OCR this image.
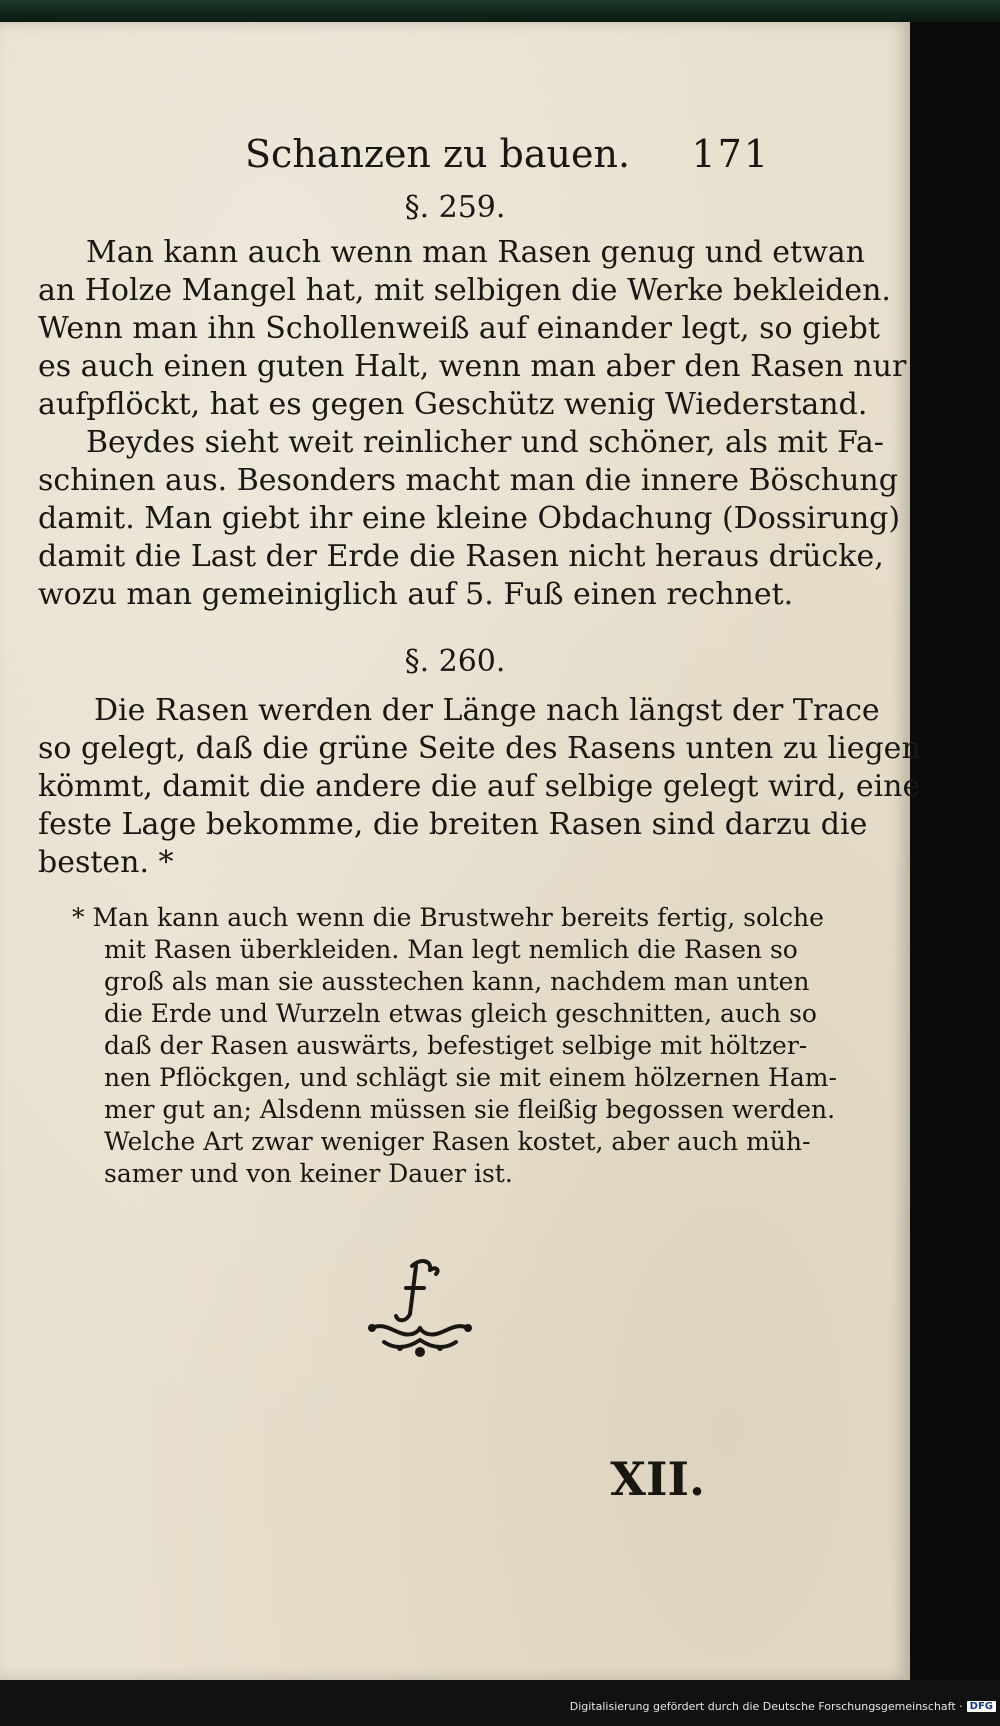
Schanzen zu bauen. 171
§. 259.
Man kann auch wenn man Rasen genug und etwan
an Holze Mangel hat, mit selbigen die Werke bekleiden.
Wenn man ihn Schollenweiß auf einander legt, so giebt
es auch einen guten Halt, wenn man aber den Rasen nur
aufpflöckt, hat es gegen Geschütz wenig Wiederstand.
Beydes sieht weit reinlicher und schöner, als mit Fa-
schinen aus. Besonders macht man die innere Böschung
damit. Man giebt ihr eine kleine Obdachung (Dossirung)
damit die Last der Erde die Rasen nicht heraus drücke,
wozu man gemeiniglich auf 5. Fuß einen rechnet.
§. 260.
Die Rasen werden der Länge nach längst der Trace
so gelegt, daß die grüne Seite des Rasens unten zu liegen
kömmt, damit die andere die auf selbige gelegt wird, eine
feste Lage bekomme, die breiten Rasen sind darzu die
besten. *
* Man kann auch wenn die Brustwehr bereits fertig, solche
mit Rasen überkleiden. Man legt nemlich die Rasen so
groß als man sie ausstechen kann, nachdem man unten
die Erde und Wurzeln etwas gleich geschnitten, auch so
daß der Rasen auswärts, befestiget selbige mit höltzer-
nen Pflöckgen, und schlägt sie mit einem hölzernen Ham-
mer gut an; Alsdenn müssen sie fleißig begossen werden.
Welche Art zwar weniger Rasen kostet, aber auch müh-
samer und von keiner Dauer ist.
XII.
Digitalisierung gefördert durch die Deutsche Forschungsgemeinschaft · DFG
